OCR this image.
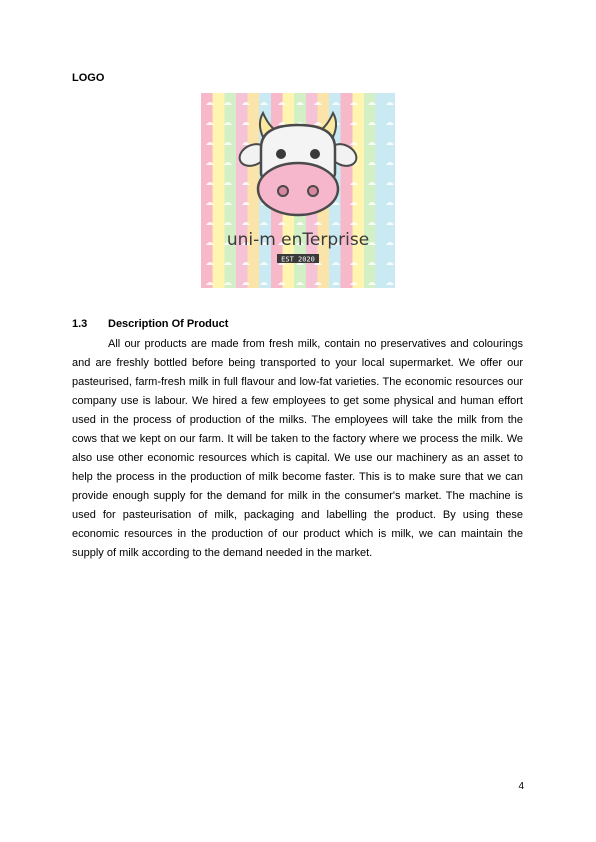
LOGO
uni-m enTerprise
EST 2020
1.3 Description Of Product

All our products are made from fresh milk, contain no preservatives and colourings and are freshly bottled before being transported to your local supermarket. We offer our pasteurised, farm-fresh milk in full flavour and low-fat varieties. The economic resources our company use is labour. We hired a few employees to get some physical and human effort used in the process of production of the milks. The employees will take the milk from the cows that we kept on our farm. It will be taken to the factory where we process the milk. We also use other economic resources which is capital. We use our machinery as an asset to help the process in the production of milk become faster. This is to make sure that we can provide enough supply for the demand for milk in the consumer's market. The machine is used for pasteurisation of milk, packaging and labelling the product. By using these economic resources in the production of our product which is milk, we can maintain the supply of milk according to the demand needed in the market.

4
